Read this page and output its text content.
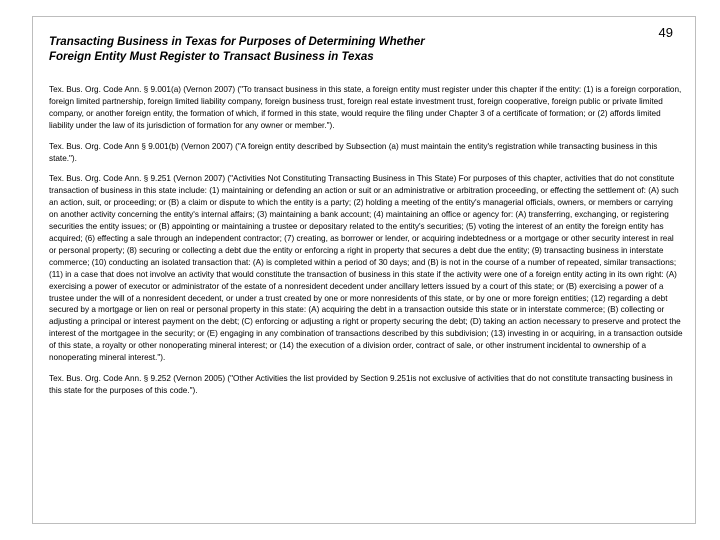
49
Transacting Business in Texas for Purposes of Determining Whether
Foreign Entity Must Register to Transact Business in Texas

Tex. Bus. Org. Code Ann. § 9.001(a) (Vernon 2007) ("To transact business in this state, a foreign entity must register under this chapter if the entity: (1) is a foreign corporation, foreign limited partnership, foreign limited liability company, foreign business trust, foreign real estate investment trust, foreign cooperative, foreign public or private limited company, or another foreign entity, the formation of which, if formed in this state, would require the filing under Chapter 3 of a certificate of formation; or (2) affords limited liability under the law of its jurisdiction of formation for any owner or member.").

Tex. Bus. Org. Code Ann § 9.001(b) (Vernon 2007) ("A foreign entity described by Subsection (a) must maintain the entity's registration while transacting business in this state.").

Tex. Bus. Org. Code Ann. § 9.251 (Vernon 2007) ("Activities Not Constituting Transacting Business in This State) For purposes of this chapter, activities that do not constitute transaction of business in this state include: (1) maintaining or defending an action or suit or an administrative or arbitration proceeding, or effecting the settlement of: (A) such an action, suit, or proceeding; or (B) a claim or dispute to which the entity is a party; (2) holding a meeting of the entity's managerial officials, owners, or members or carrying on another activity concerning the entity's internal affairs; (3) maintaining a bank account; (4) maintaining an office or agency for: (A) transferring, exchanging, or registering securities the entity issues; or (B) appointing or maintaining a trustee or depositary related to the entity's securities; (5) voting the interest of an entity the foreign entity has acquired; (6) effecting a sale through an independent contractor; (7) creating, as borrower or lender, or acquiring indebtedness or a mortgage or other security interest in real or personal property; (8) securing or collecting a debt due the entity or enforcing a right in property that secures a debt due the entity; (9) transacting business in interstate commerce; (10) conducting an isolated transaction that: (A) is completed within a period of 30 days; and (B) is not in the course of a number of repeated, similar transactions; (11) in a case that does not involve an activity that would constitute the transaction of business in this state if the activity were one of a foreign entity acting in its own right: (A) exercising a power of executor or administrator of the estate of a nonresident decedent under ancillary letters issued by a court of this state; or (B) exercising a power of a trustee under the will of a nonresident decedent, or under a trust created by one or more nonresidents of this state, or by one or more foreign entities; (12) regarding a debt secured by a mortgage or lien on real or personal property in this state: (A) acquiring the debt in a transaction outside this state or in interstate commerce; (B) collecting or adjusting a principal or interest payment on the debt; (C) enforcing or adjusting a right or property securing the debt; (D) taking an action necessary to preserve and protect the interest of the mortgagee in the security; or (E) engaging in any combination of transactions described by this subdivision; (13) investing in or acquiring, in a transaction outside of this state, a royalty or other nonoperating mineral interest; or (14) the execution of a division order, contract of sale, or other instrument incidental to ownership of a nonoperating mineral interest.").

Tex. Bus. Org. Code Ann. § 9.252 (Vernon 2005) ("Other Activities the list provided by Section 9.251is not exclusive of activities that do not constitute transacting business in this state for the purposes of this code.").
